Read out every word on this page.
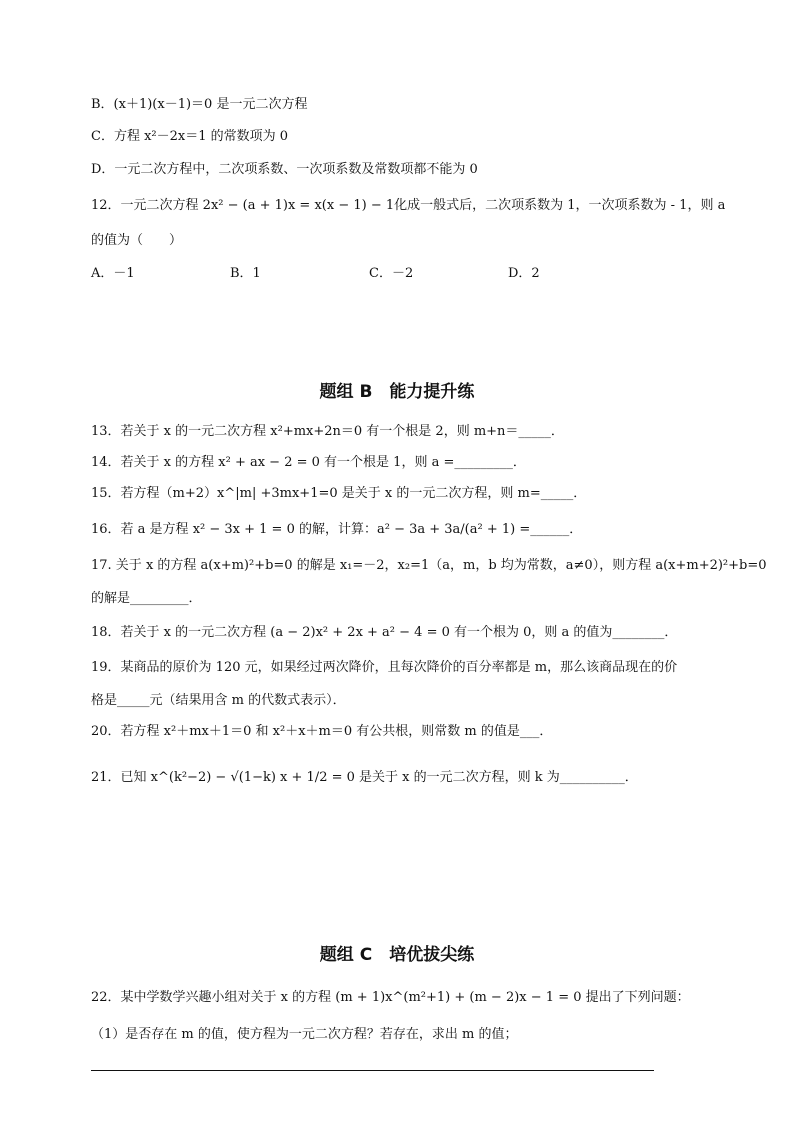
B．(x＋1)(x－1)＝0 是一元二次方程
C．方程 x²－2x＝1 的常数项为 0
D．一元二次方程中，二次项系数、一次项系数及常数项都不能为 0
12．一元二次方程 2x² − (a + 1)x = x(x − 1) − 1化成一般式后，二次项系数为 1，一次项系数为 - 1，则 a
的值为（　　）
A．－1	B．1	C．－2	D．2
题组 B　能力提升练
13．若关于 x 的一元二次方程 x²+mx+2n＝0 有一个根是 2，则 m+n＝_____．
14．若关于 x 的方程 x² + ax − 2 = 0 有一个根是 1，则 a =_________．
15．若方程（m+2）x^|m| +3mx+1=0 是关于 x 的一元二次方程，则 m=_____．
16．若 a 是方程 x² − 3x + 1 = 0 的解，计算：a² − 3a + 3a/(a² + 1) =______．
17. 关于 x 的方程 a(x+m)²+b=0 的解是 x₁=－2，x₂=1（a，m，b 均为常数，a≠0），则方程 a(x+m+2)²+b=0
的解是_________．
18．若关于 x 的一元二次方程 (a − 2)x² + 2x + a² − 4 = 0 有一个根为 0，则 a 的值为________．
19．某商品的原价为 120 元，如果经过两次降价，且每次降价的百分率都是 m，那么该商品现在的价
格是_____元（结果用含 m 的代数式表示）．
20．若方程 x²＋mx＋1＝0 和 x²＋x＋m＝0 有公共根，则常数 m 的值是___．
21．已知 x^(k²−2) − √(1−k) x + 1/2 = 0 是关于 x 的一元二次方程，则 k 为__________．
题组 C　培优拔尖练
22．某中学数学兴趣小组对关于 x 的方程 (m + 1)x^(m²+1) + (m − 2)x − 1 = 0 提出了下列问题：
（1）是否存在 m 的值，使方程为一元二次方程？若存在，求出 m 的值；
